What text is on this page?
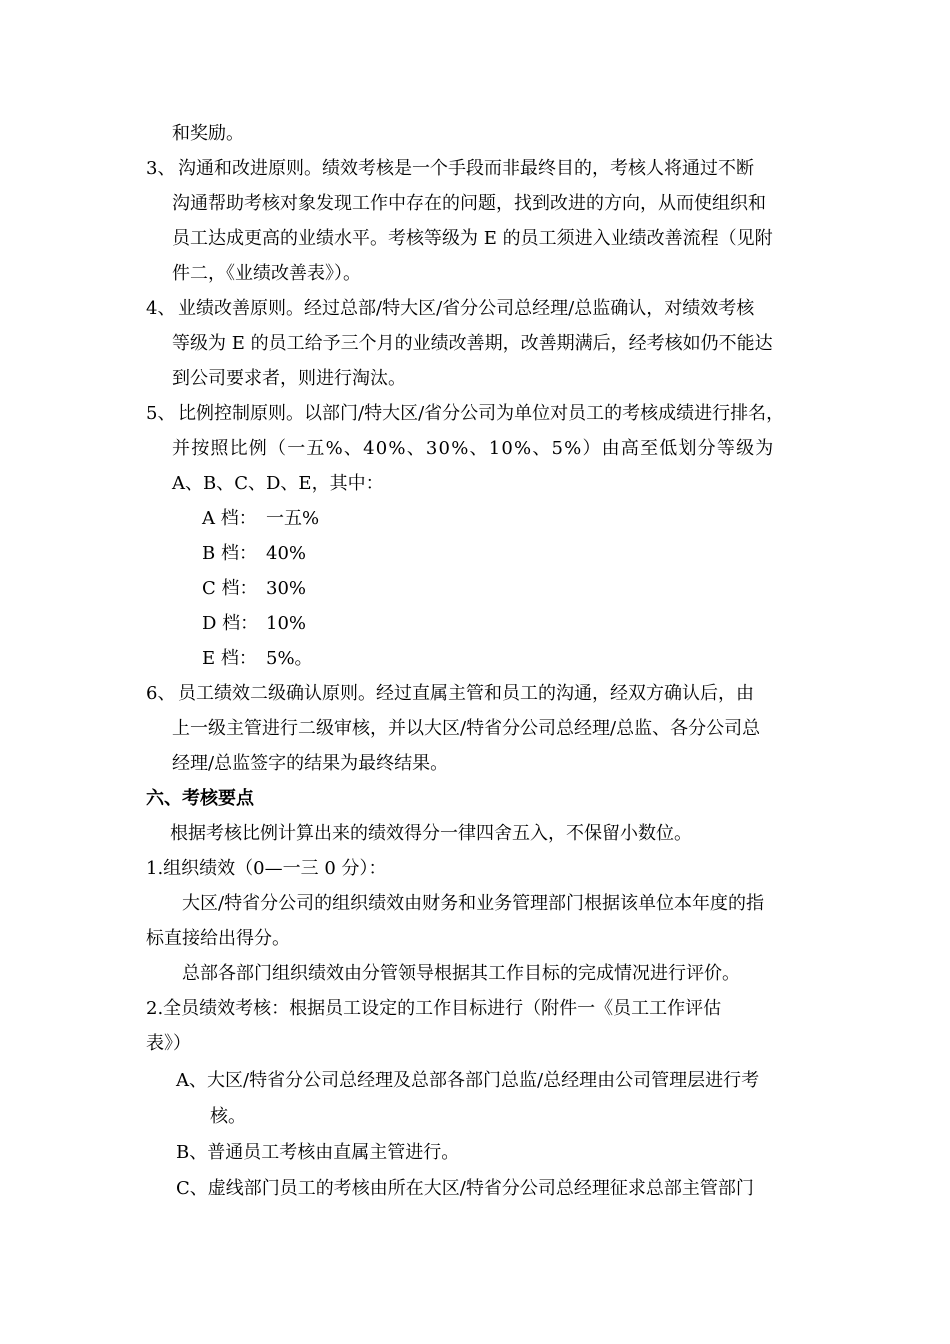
和奖励。
3、 沟通和改进原则。绩效考核是一个手段而非最终目的，考核人将通过不断
沟通帮助考核对象发现工作中存在的问题，找到改进的方向，从而使组织和
员工达成更高的业绩水平。考核等级为 E 的员工须进入业绩改善流程（见附
件二，《业绩改善表》）。
4、 业绩改善原则。经过总部/特大区/省分公司总经理/总监确认，对绩效考核
等级为 E 的员工给予三个月的业绩改善期，改善期满后，经考核如仍不能达
到公司要求者，则进行淘汰。
5、 比例控制原则。以部门/特大区/省分公司为单位对员工的考核成绩进行排名，
并按照比例（一五%、40%、30%、10%、5%）由高至低划分等级为
A、B、C、D、E，其中：
A 档： 一五%
B 档： 40%
C 档： 30%
D 档： 10%
E 档： 5%。
6、 员工绩效二级确认原则。经过直属主管和员工的沟通，经双方确认后，由
上一级主管进行二级审核，并以大区/特省分公司总经理/总监、各分公司总
经理/总监签字的结果为最终结果。
六、考核要点
根据考核比例计算出来的绩效得分一律四舍五入，不保留小数位。
1.组织绩效（0—一三 0 分）：
大区/特省分公司的组织绩效由财务和业务管理部门根据该单位本年度的指
标直接给出得分。
总部各部门组织绩效由分管领导根据其工作目标的完成情况进行评价。
2.全员绩效考核：根据员工设定的工作目标进行（附件一《员工工作评估
表》）
A、大区/特省分公司总经理及总部各部门总监/总经理由公司管理层进行考
核。
B、普通员工考核由直属主管进行。
C、虚线部门员工的考核由所在大区/特省分公司总经理征求总部主管部门
